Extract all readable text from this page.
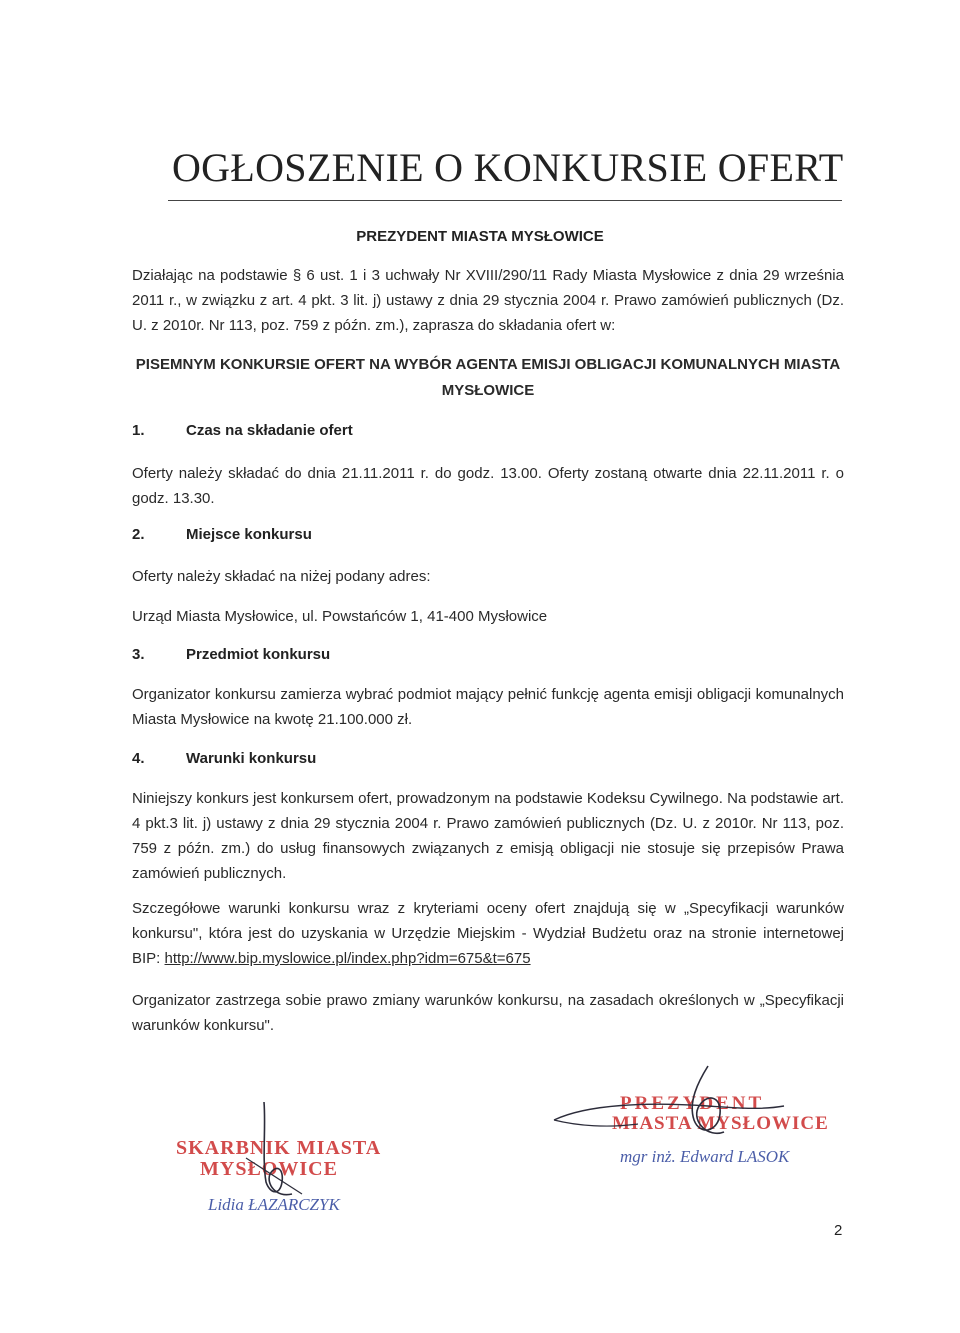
OGŁOSZENIE O KONKURSIE OFERT

PREZYDENT MIASTA MYSŁOWICE

Działając na podstawie § 6 ust. 1 i 3 uchwały Nr XVIII/290/11 Rady Miasta Mysłowice z dnia 29 września 2011 r., w związku z art. 4 pkt. 3 lit. j) ustawy z dnia 29 stycznia 2004 r. Prawo zamówień publicznych (Dz. U. z 2010r. Nr 113, poz. 759 z późn. zm.), zaprasza do składania ofert w:

PISEMNYM KONKURSIE OFERT NA WYBÓR AGENTA EMISJI OBLIGACJI KOMUNALNYCH MIASTA MYSŁOWICE

1.	Czas na składanie ofert

Oferty należy składać do dnia 21.11.2011 r. do godz. 13.00. Oferty zostaną otwarte dnia 22.11.2011 r. o godz. 13.30.

2.	Miejsce konkursu

Oferty należy składać na niżej podany adres:

Urząd Miasta Mysłowice, ul. Powstańców 1, 41-400 Mysłowice

3.	Przedmiot konkursu

Organizator konkursu zamierza wybrać podmiot mający pełnić funkcję agenta emisji obligacji komunalnych Miasta Mysłowice na kwotę 21.100.000 zł.

4.	Warunki konkursu

Niniejszy konkurs jest konkursem ofert, prowadzonym na podstawie Kodeksu Cywilnego. Na podstawie art. 4 pkt.3 lit. j) ustawy z dnia 29 stycznia 2004 r. Prawo zamówień publicznych (Dz. U. z 2010r. Nr 113, poz. 759 z późn. zm.) do usług finansowych związanych z emisją obligacji nie stosuje się przepisów Prawa zamówień publicznych.

Szczegółowe warunki konkursu wraz z kryteriami oceny ofert znajdują się w „Specyfikacji warunków konkursu", która jest do uzyskania w Urzędzie Miejskim - Wydział Budżetu oraz na stronie internetowej BIP: http://www.bip.myslowice.pl/index.php?idm=675&t=675

Organizator zastrzega sobie prawo zmiany warunków konkursu, na zasadach określonych w „Specyfikacji warunków konkursu".

SKARBNIK MIASTA

MYSŁOWICE

Lidia ŁAZARCZYK

PREZYDENT

MIASTA MYSŁOWICE

mgr inż. Edward LASOK

2
